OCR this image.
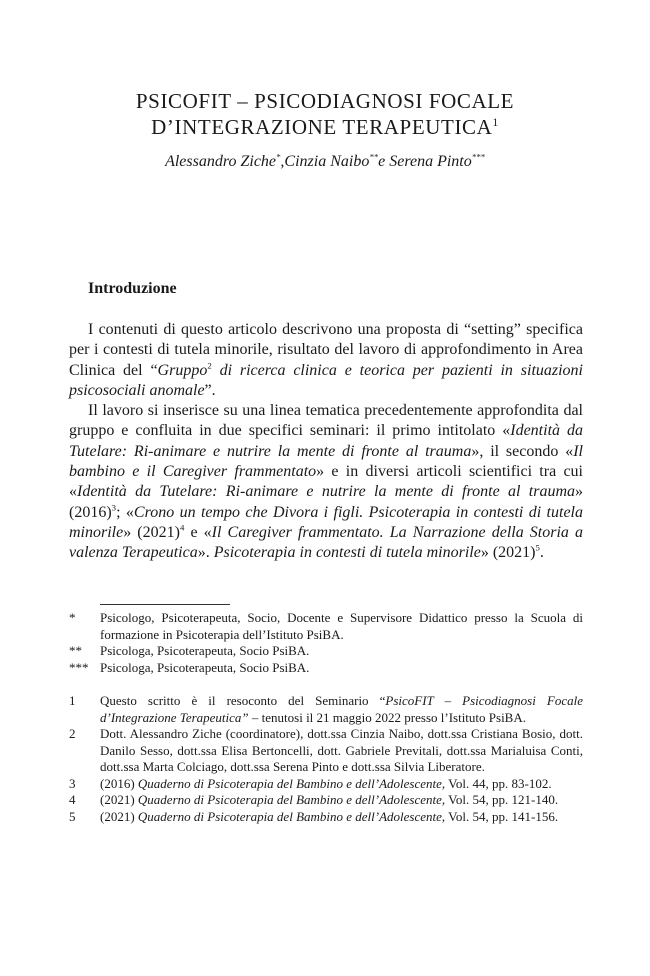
PSICOFIT – PSICODIAGNOSI FOCALE
D’INTEGRAZIONE TERAPEUTICA$^1$
Alessandro Ziche*,Cinzia Naibo**e Serena Pinto***
Introduzione

I contenuti di questo articolo descrivono una proposta di “setting” specifica per i contesti di tutela minorile, risultato del lavoro di approfondimento in Area Clinica del “Gruppo$^2$ di ricerca clinica e teorica per pazienti in situazioni psicosociali anomale”.

Il lavoro si inserisce su una linea tematica precedentemente approfondita dal gruppo e confluita in due specifici seminari: il primo intitolato «Identità da Tutelare: Ri-animare e nutrire la mente di fronte al trauma», il secondo «Il bambino e il Caregiver frammentato» e in diversi articoli scientifici tra cui «Identità da Tutelare: Ri-animare e nutrire la mente di fronte al trauma» $(2016)^3$; «Crono un tempo che Divora i figli. Psicoterapia in contesti di tutela minorile» $(2021)^4$ e «Il Caregiver frammentato. La Narrazione della Storia a valenza Terapeutica». Psicoterapia in contesti di tutela minorile» $(2021)^5$.

*	Psicologo, Psicoterapeuta, Socio, Docente e Supervisore Didattico presso la Scuola di formazione in Psicoterapia dell’Istituto PsiBA.
**	Psicologa, Psicoterapeuta, Socio PsiBA.
*** Psicologa, Psicoterapeuta, Socio PsiBA.
1	Questo scritto è il resoconto del Seminario “PsicoFIT – Psicodiagnosi Focale d’Integrazione Terapeutica” – tenutosi il 21 maggio 2022 presso l’Istituto PsiBA.
2	Dott. Alessandro Ziche (coordinatore), dott.ssa Cinzia Naibo, dott.ssa Cristiana Bosio, dott. Danilo Sesso, dott.ssa Elisa Bertoncelli, dott. Gabriele Previtali, dott.ssa Marialuisa Conti, dott.ssa Marta Colciago, dott.ssa Serena Pinto e dott.ssa Silvia Liberatore.
3	(2016) Quaderno di Psicoterapia del Bambino e dell’Adolescente, Vol. 44, pp. 83-102.
4	(2021) Quaderno di Psicoterapia del Bambino e dell’Adolescente, Vol. 54, pp. 121-140.
5	(2021) Quaderno di Psicoterapia del Bambino e dell’Adolescente, Vol. 54, pp. 141-156.
